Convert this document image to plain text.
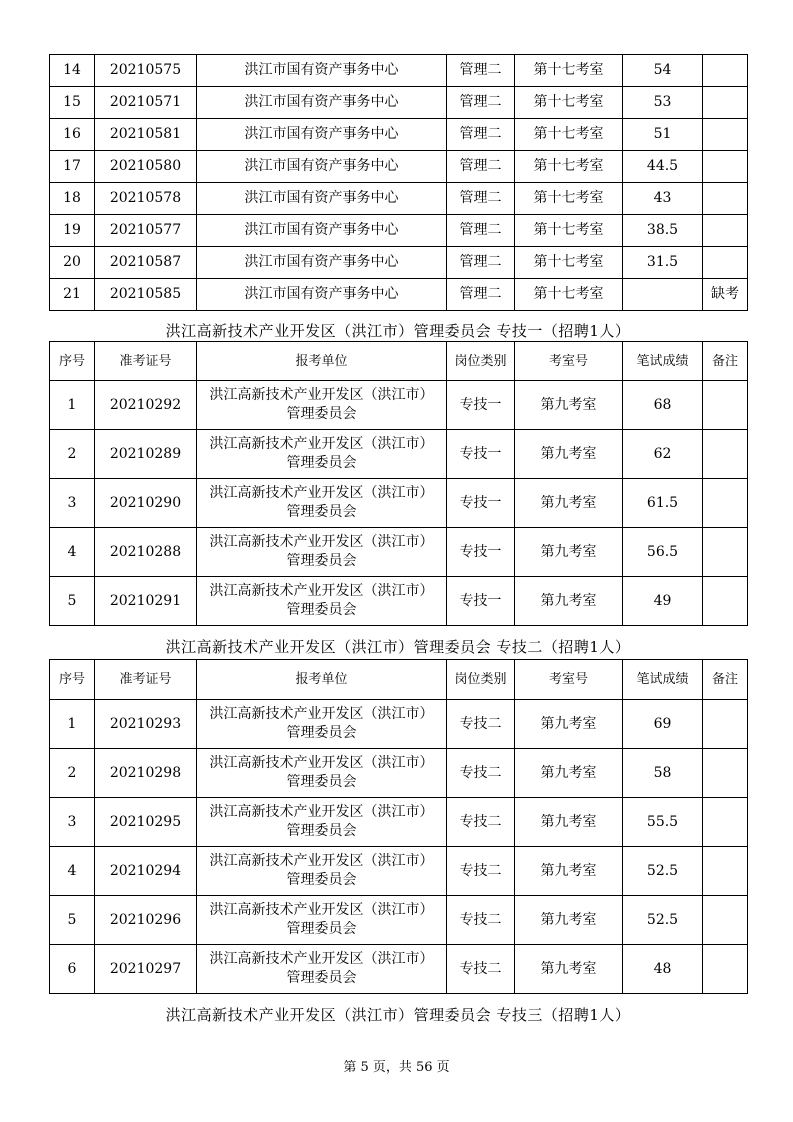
14	20210575	洪江市国有资产事务中心	管理二	第十七考室	54	
15	20210571	洪江市国有资产事务中心	管理二	第十七考室	53	
16	20210581	洪江市国有资产事务中心	管理二	第十七考室	51	
17	20210580	洪江市国有资产事务中心	管理二	第十七考室	44.5	
18	20210578	洪江市国有资产事务中心	管理二	第十七考室	43	
19	20210577	洪江市国有资产事务中心	管理二	第十七考室	38.5	
20	20210587	洪江市国有资产事务中心	管理二	第十七考室	31.5	
21	20210585	洪江市国有资产事务中心	管理二	第十七考室		缺考
洪江高新技术产业开发区（洪江市）管理委员会 专技一（招聘1人）
序号	准考证号	报考单位	岗位类别	考室号	笔试成绩	备注
1	20210292	洪江高新技术产业开发区（洪江市）管理委员会	专技一	第九考室	68	
2	20210289	洪江高新技术产业开发区（洪江市）管理委员会	专技一	第九考室	62	
3	20210290	洪江高新技术产业开发区（洪江市）管理委员会	专技一	第九考室	61.5	
4	20210288	洪江高新技术产业开发区（洪江市）管理委员会	专技一	第九考室	56.5	
5	20210291	洪江高新技术产业开发区（洪江市）管理委员会	专技一	第九考室	49	
洪江高新技术产业开发区（洪江市）管理委员会 专技二（招聘1人）
序号	准考证号	报考单位	岗位类别	考室号	笔试成绩	备注
1	20210293	洪江高新技术产业开发区（洪江市）管理委员会	专技二	第九考室	69	
2	20210298	洪江高新技术产业开发区（洪江市）管理委员会	专技二	第九考室	58	
3	20210295	洪江高新技术产业开发区（洪江市）管理委员会	专技二	第九考室	55.5	
4	20210294	洪江高新技术产业开发区（洪江市）管理委员会	专技二	第九考室	52.5	
5	20210296	洪江高新技术产业开发区（洪江市）管理委员会	专技二	第九考室	52.5	
6	20210297	洪江高新技术产业开发区（洪江市）管理委员会	专技二	第九考室	48	
洪江高新技术产业开发区（洪江市）管理委员会 专技三（招聘1人）
第 5 页，共 56 页
